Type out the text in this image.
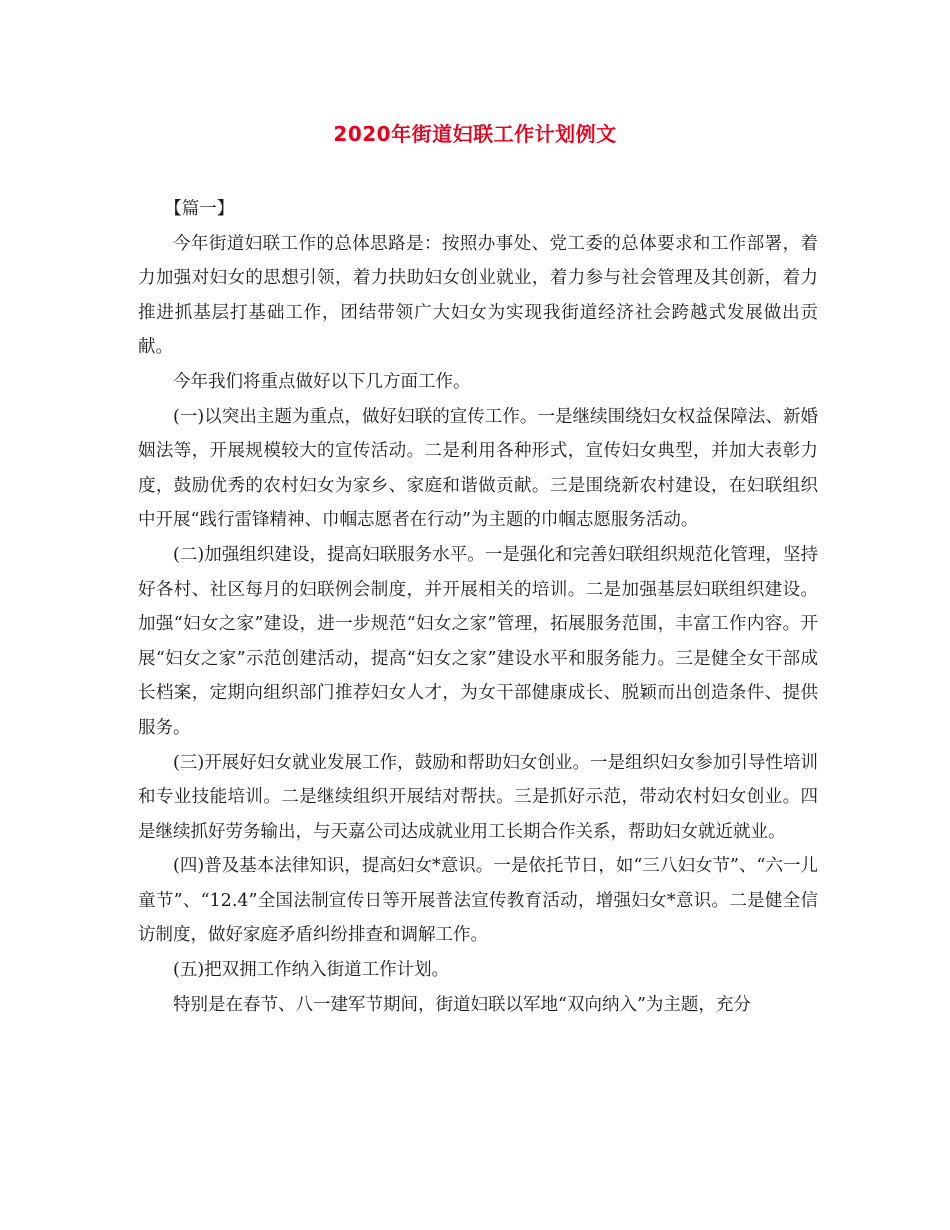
2020年街道妇联工作计划例文

【篇一】

今年街道妇联工作的总体思路是：按照办事处、党工委的总体要求和工作部署，着力加强对妇女的思想引领，着力扶助妇女创业就业，着力参与社会管理及其创新，着力推进抓基层打基础工作，团结带领广大妇女为实现我街道经济社会跨越式发展做出贡献。

今年我们将重点做好以下几方面工作。

(一)以突出主题为重点，做好妇联的宣传工作。一是继续围绕妇女权益保障法、新婚姻法等，开展规模较大的宣传活动。二是利用各种形式，宣传妇女典型，并加大表彰力度，鼓励优秀的农村妇女为家乡、家庭和谐做贡献。三是围绕新农村建设，在妇联组织中开展“践行雷锋精神、巾帼志愿者在行动”为主题的巾帼志愿服务活动。

(二)加强组织建设，提高妇联服务水平。一是强化和完善妇联组织规范化管理，坚持好各村、社区每月的妇联例会制度，并开展相关的培训。二是加强基层妇联组织建设。加强“妇女之家”建设，进一步规范“妇女之家”管理，拓展服务范围，丰富工作内容。开展“妇女之家”示范创建活动，提高“妇女之家”建设水平和服务能力。三是健全女干部成长档案，定期向组织部门推荐妇女人才，为女干部健康成长、脱颖而出创造条件、提供服务。

(三)开展好妇女就业发展工作，鼓励和帮助妇女创业。一是组织妇女参加引导性培训和专业技能培训。二是继续组织开展结对帮扶。三是抓好示范，带动农村妇女创业。四是继续抓好劳务输出，与天嘉公司达成就业用工长期合作关系，帮助妇女就近就业。

(四)普及基本法律知识，提高妇女*意识。一是依托节日，如“三八妇女节”、“六一儿童节”、“12.4”全国法制宣传日等开展普法宣传教育活动，增强妇女*意识。二是健全信访制度，做好家庭矛盾纠纷排查和调解工作。

(五)把双拥工作纳入街道工作计划。

特别是在春节、八一建军节期间，街道妇联以军地“双向纳入”为主题，充分
